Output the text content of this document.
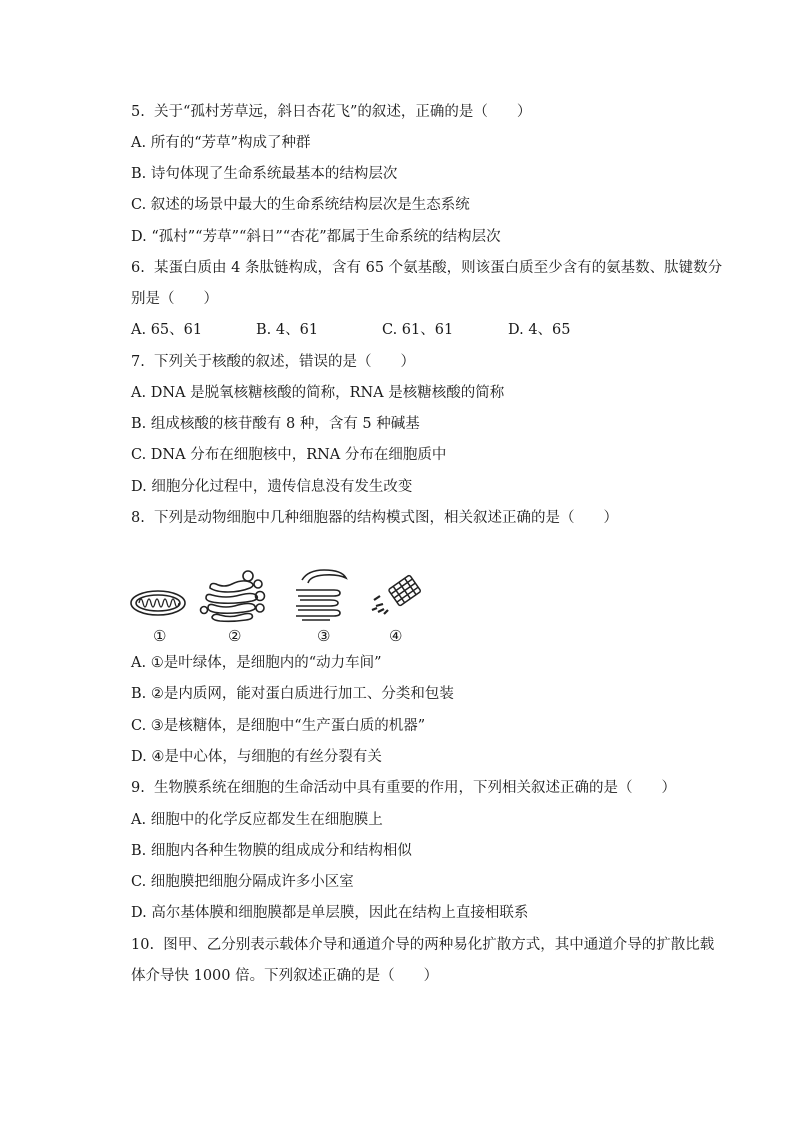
5.  关于“孤村芳草远，斜日杏花飞”的叙述，正确的是（　　）
A. 所有的“芳草”构成了种群
B. 诗句体现了生命系统最基本的结构层次
C. 叙述的场景中最大的生命系统结构层次是生态系统
D. “孤村”“芳草”“斜日”“杏花”都属于生命系统的结构层次
6.  某蛋白质由 4 条肽链构成，含有 65 个氨基酸，则该蛋白质至少含有的氨基数、肽键数分
别是（　　）
A. 65、61	B. 4、61	C. 61、61	D. 4、65
7.  下列关于核酸的叙述，错误的是（　　）
A. DNA 是脱氧核糖核酸的简称，RNA 是核糖核酸的简称
B. 组成核酸的核苷酸有 8 种，含有 5 种碱基
C. DNA 分布在细胞核中，RNA 分布在细胞质中
D. 细胞分化过程中，遗传信息没有发生改变
8.  下列是动物细胞中几种细胞器的结构模式图，相关叙述正确的是（　　）
①	②	③	④
A. ①是叶绿体，是细胞内的“动力车间”
B. ②是内质网，能对蛋白质进行加工、分类和包装
C. ③是核糖体，是细胞中“生产蛋白质的机器”
D. ④是中心体，与细胞的有丝分裂有关
9.  生物膜系统在细胞的生命活动中具有重要的作用，下列相关叙述正确的是（　　）
A. 细胞中的化学反应都发生在细胞膜上
B. 细胞内各种生物膜的组成成分和结构相似
C. 细胞膜把细胞分隔成许多小区室
D. 高尔基体膜和细胞膜都是单层膜，因此在结构上直接相联系
10.  图甲、乙分别表示载体介导和通道介导的两种易化扩散方式，其中通道介导的扩散比载
体介导快 1000 倍。下列叙述正确的是（　　）
